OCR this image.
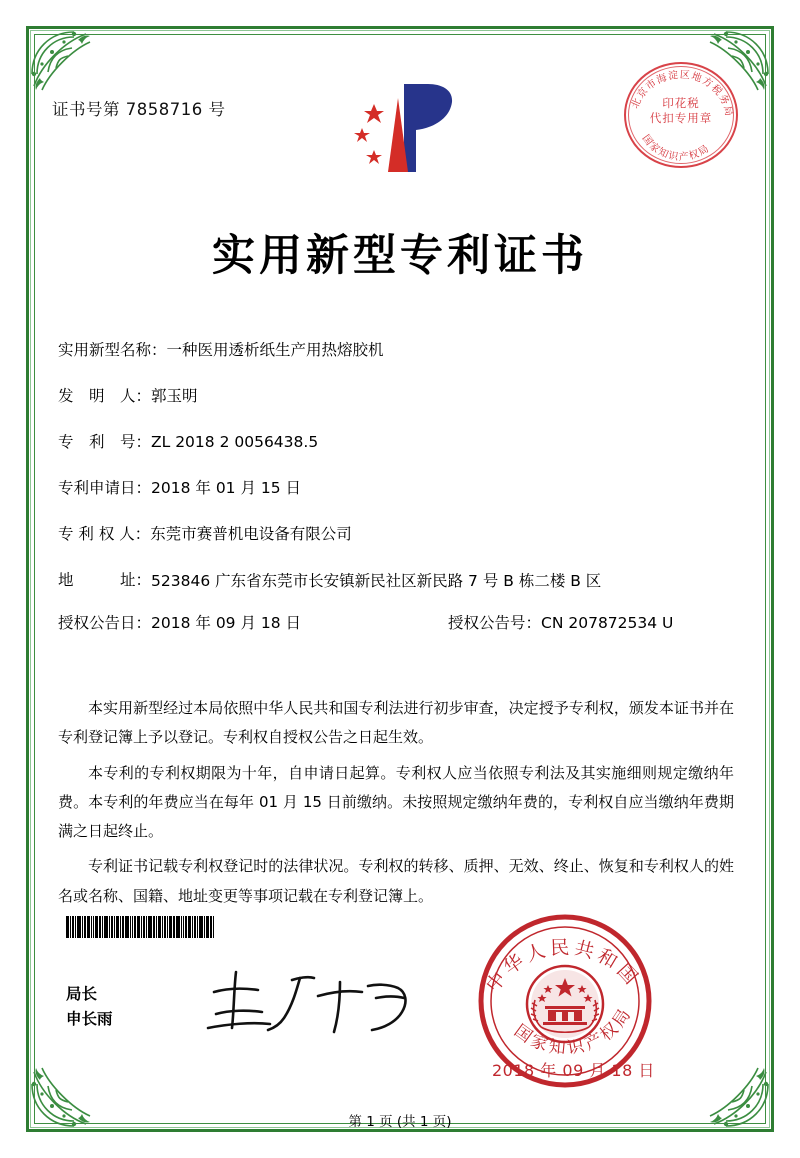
证书号第 7858716 号	北京市海淀区地方税务局
国家知识产权局
印花税
代扣专用章
实用新型专利证书
实用新型名称： 一种医用透析纸生产用热熔胶机
发　明　人： 郭玉明
专　利　号： ZL 2018 2 0056438.5
专利申请日： 2018 年 01 月 15 日
专 利 权 人： 东莞市赛普机电设备有限公司
地　　　址： 523846 广东省东莞市长安镇新民社区新民路 7 号 B 栋二楼 B 区
授权公告日：2018 年 09 月 18 日	授权公告号：CN 207872534 U

本实用新型经过本局依照中华人民共和国专利法进行初步审查，决定授予专利权，颁发本证书并在专利登记簿上予以登记。专利权自授权公告之日起生效。

本专利的专利权期限为十年，自申请日起算。专利权人应当依照专利法及其实施细则规定缴纳年费。本专利的年费应当在每年 01 月 15 日前缴纳。未按照规定缴纳年费的，专利权自应当缴纳年费期满之日起终止。

专利证书记载专利权登记时的法律状况。专利权的转移、质押、无效、终止、恢复和专利权人的姓名或名称、国籍、地址变更等事项记载在专利登记簿上。

局长
申长雨
中华人民共和国
国家知识产权局
2018 年 09 月 18 日
第 1 页 (共 1 页)
